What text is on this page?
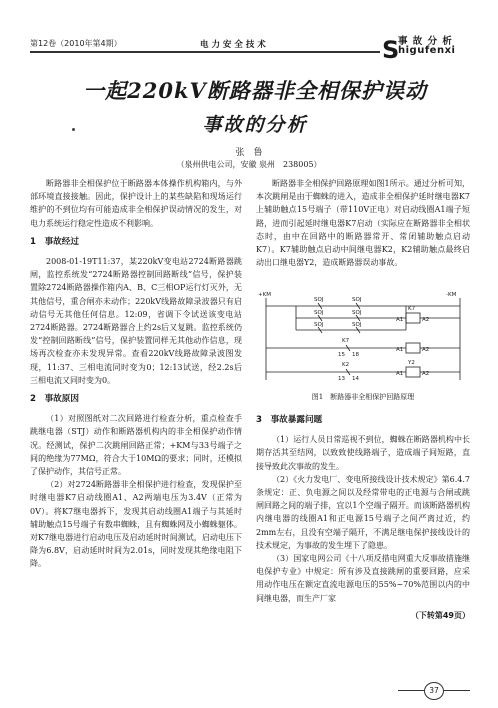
第12卷（2010年第4期）	电 力 安 全 技 术	S
事 故 分 析
higufenxi
一起220kV断路器非全相保护误动
事故的分析
张　鲁
（泉州供电公司，安徽 泉州　238005）

断路器非全相保护位于断路器本体操作机构箱内，与外部环境直接接触。因此，保护设计上的某些缺陷和现场运行维护的不到位均有可能造成非全相保护误动情况的发生，对电力系统运行稳定性造成不利影响。

1　事故经过

2008-01-19T11:37，某220kV变电站2724断路器跳闸，监控系统发“2724断路器控制回路断线”信号，保护装置除2724断路器操作箱内A、B、C三相OP运行灯灭外，无其他信号，重合闸亦未动作；220kV线路故障录波器只有启动信号无其他任何信息。12:09，省调下令试送该变电站2724断路器。2724断路器合上约2s后又复跳。监控系统仍发“控制回路断线”信号，保护装置同样无其他动作信息，现场再次检查亦未发现异常。查看220kV线路故障录波图发现，11:37、三相电流同时变为0；12:13试送，经2.2s后三相电流又同时变为0。

2　事故原因

（1）对照图纸对二次回路进行检查分析，重点检查手跳继电器（STJ）动作和断路器机构内的非全相保护动作情况。经测试，保护二次跳闸回路正常；+KM与33号端子之间的绝缘为77MΩ，符合大于10MΩ的要求；同时，还模拟了保护动作，其信号正常。

（2）对2724断路器非全相保护进行检查，发现保护至时继电器K7启动线圈A1、A2两端电压为3.4V（正常为0V）。将K7继电器拆下，发现其启动线圈A1端子与其延时辅助触点15号端子有数串蜘蛛，且有蜘蛛网及小蜘蛛躯体。对K7继电器进行启动电压及启动延时时间测试，启动电压下降为6.8V，启动延时时间为2.01s，同时发现其绝缘电阻下降。

断路器非全相保护回路原理如图1所示。通过分析可知，本次跳闸是由于蜘蛛的进入，造成非全相保护延时继电器K7上辅助触点15号端子（带110V正电）对启动线圈A1端子短路，进而引起延时继电器K7启动（实际应在断路器非全相状态时，由中在回路中的断路器常开、常闭辅助触点启动K7）。K7辅助触点启动中间继电器K2，K2辅助触点最终启动出口继电器Y2，造成断路器误动事故。

+KM	-KM
SOJ	SOJ
SOJ	SOJ
SOJ	SOJ
K7
A1	A2
K7
15 18
A1	A2
K2
13 14
Y2
A1	A2
图1　断路器非全相保护回路原理
3　事故暴露问题

（1）运行人员日常巡视不到位，蜘蛛在断路器机构中长期存活其至结网，以致致使线路端子，造成端子间短路，直接导致此次事故的发生。

（2）《火力发电厂、变电所接线设计技术规定》第6.4.7条规定：正、负电源之间以及经常带电的正电源与合闸或跳闸回路之间的端子排，宜以1个空端子隔开。而该断路器机构内继电器的线圈A1和正电源15号端子之间严离过近，约2mm左右，且没有空端子隔开，不满足继电保护接线设计的技术规定，为事故的发生埋下了隐患。

（3）国家电网公司《十八项反措电网重大反事故措施继电保护专业》中规定：所有涉及直接跳闸的重要回路，应采用动作电压在额定直流电源电压的55%~70%范围以内的中间继电器，而生产厂家

（下转第49页）
37
